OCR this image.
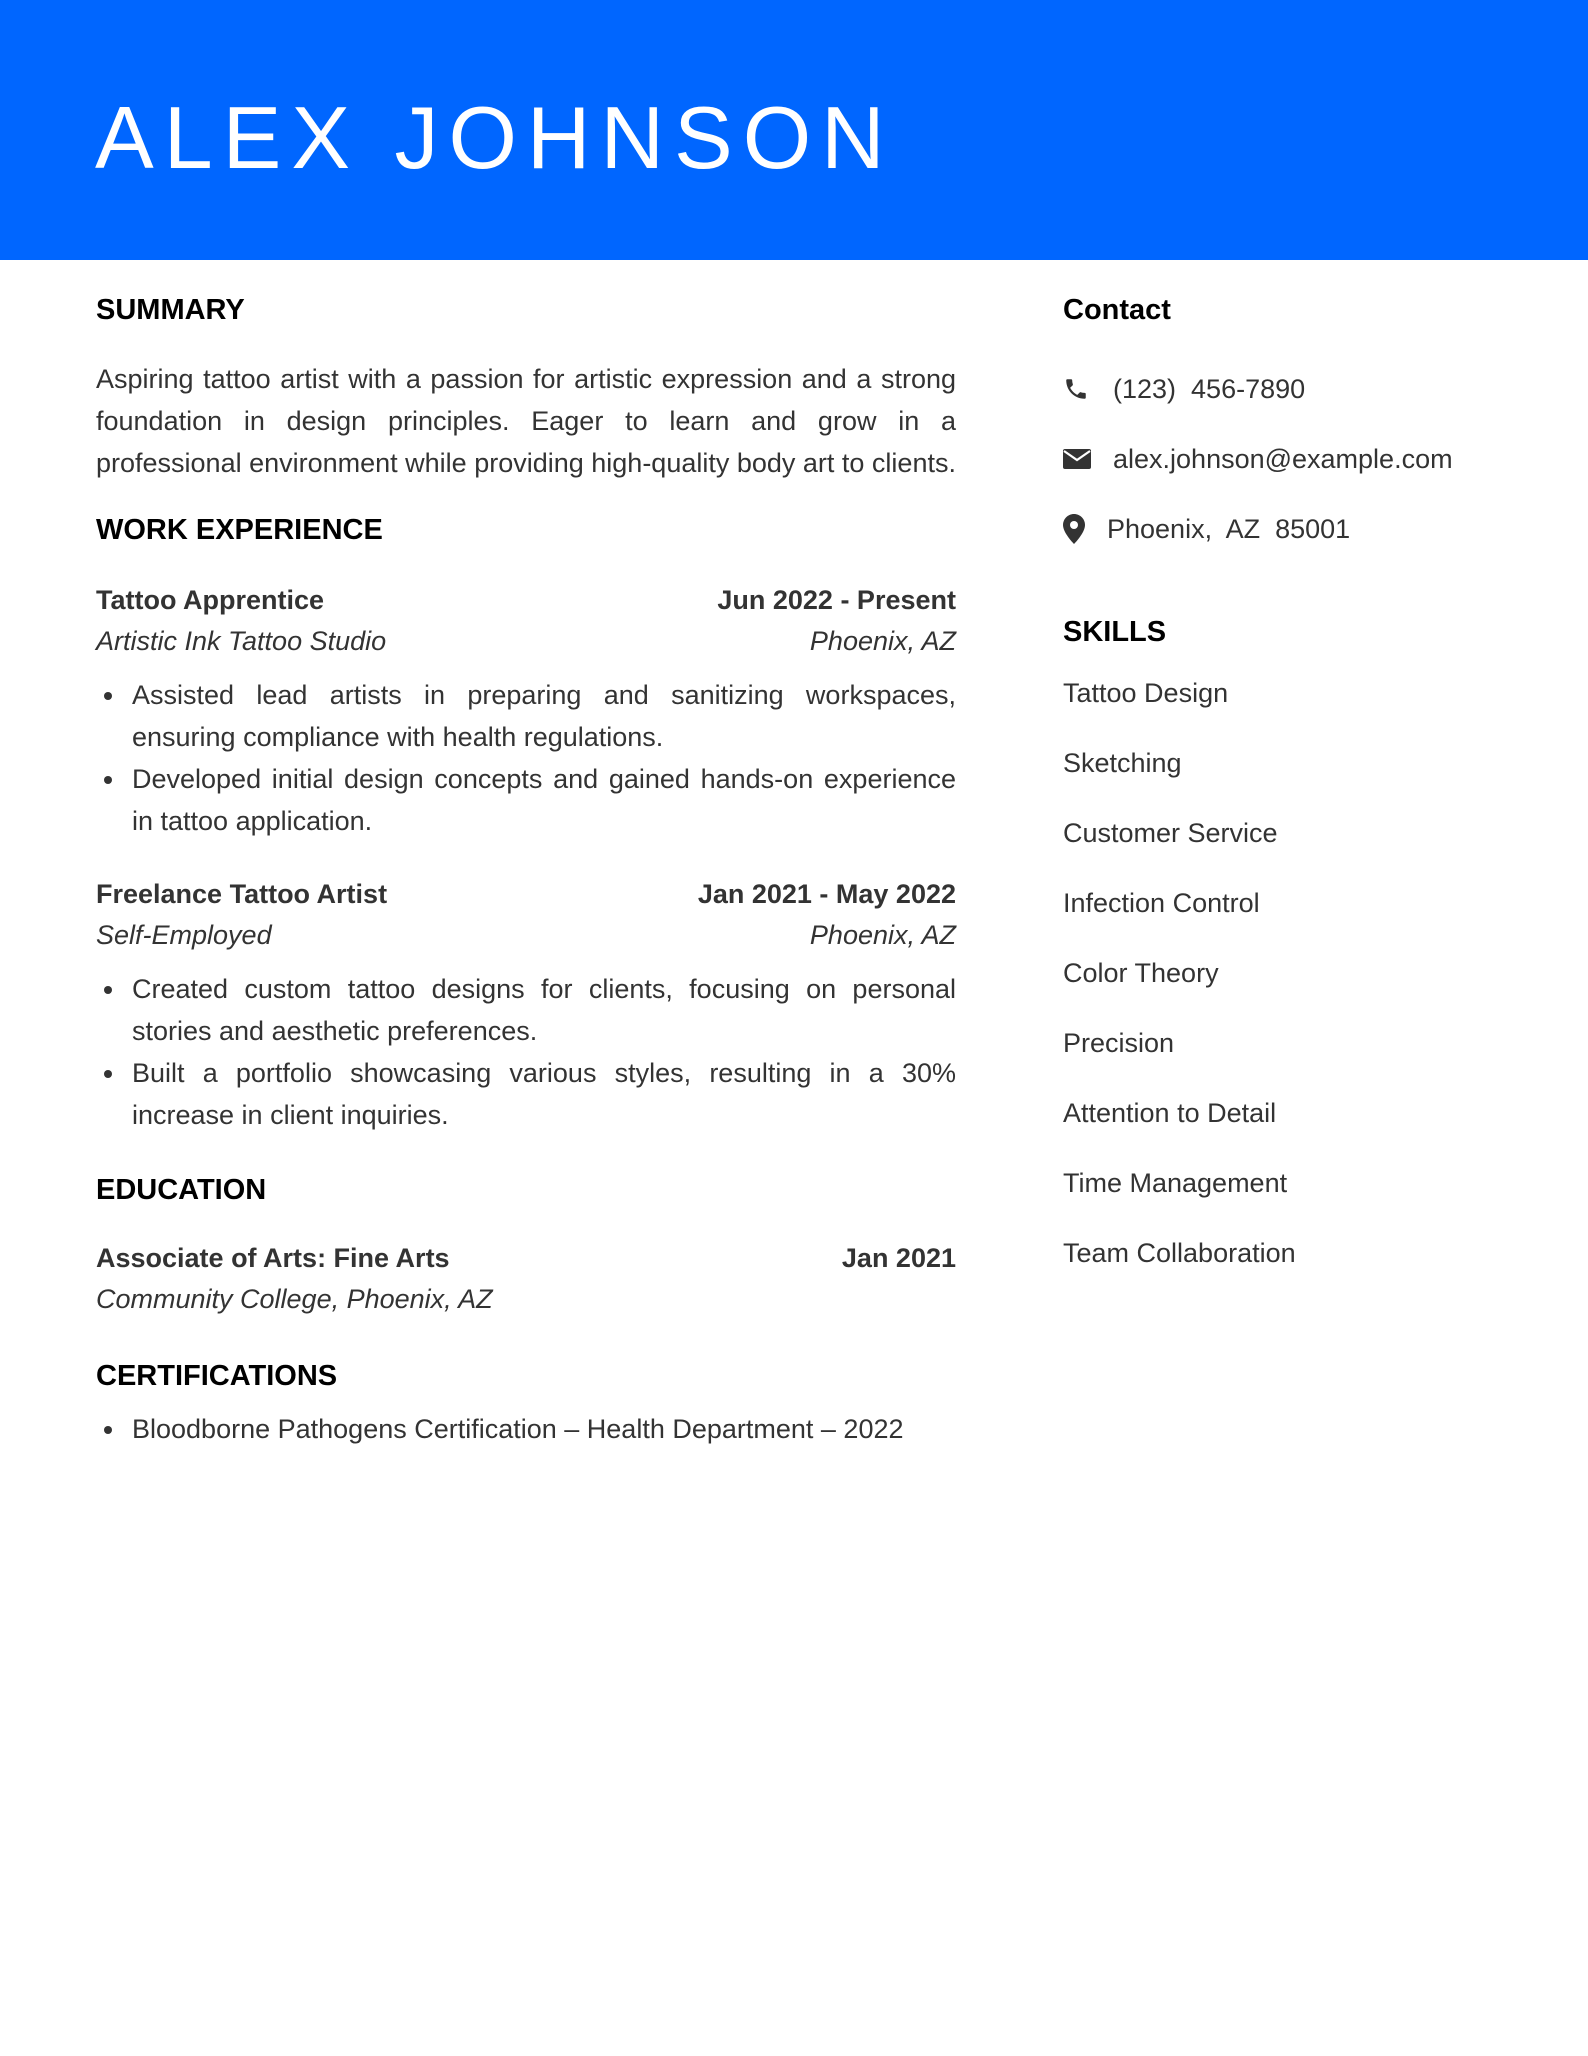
ALEX JOHNSON
SUMMARY

Aspiring tattoo artist with a passion for artistic expression and a strong foundation in design principles. Eager to learn and grow in a professional environment while providing high-quality body art to clients.

WORK EXPERIENCE
Tattoo Apprentice	Jun 2022 - Present
Artistic Ink Tattoo Studio	Phoenix, AZ
Assisted lead artists in preparing and sanitizing workspaces, ensuring compliance with health regulations.
Developed initial design concepts and gained hands-on experience in tattoo application.
Freelance Tattoo Artist	Jan 2021 - May 2022
Self-Employed	Phoenix, AZ
Created custom tattoo designs for clients, focusing on personal stories and aesthetic preferences.
Built a portfolio showcasing various styles, resulting in a 30% increase in client inquiries.
EDUCATION
Associate of Arts: Fine Arts	Jan 2021
Community College, Phoenix, AZ
CERTIFICATIONS
Bloodborne Pathogens Certification – Health Department – 2022
Contact
(123)  456-7890
alex.johnson@example.com
Phoenix,  AZ  85001
SKILLS
Tattoo Design
Sketching
Customer Service
Infection Control
Color Theory
Precision
Attention to Detail
Time Management
Team Collaboration
